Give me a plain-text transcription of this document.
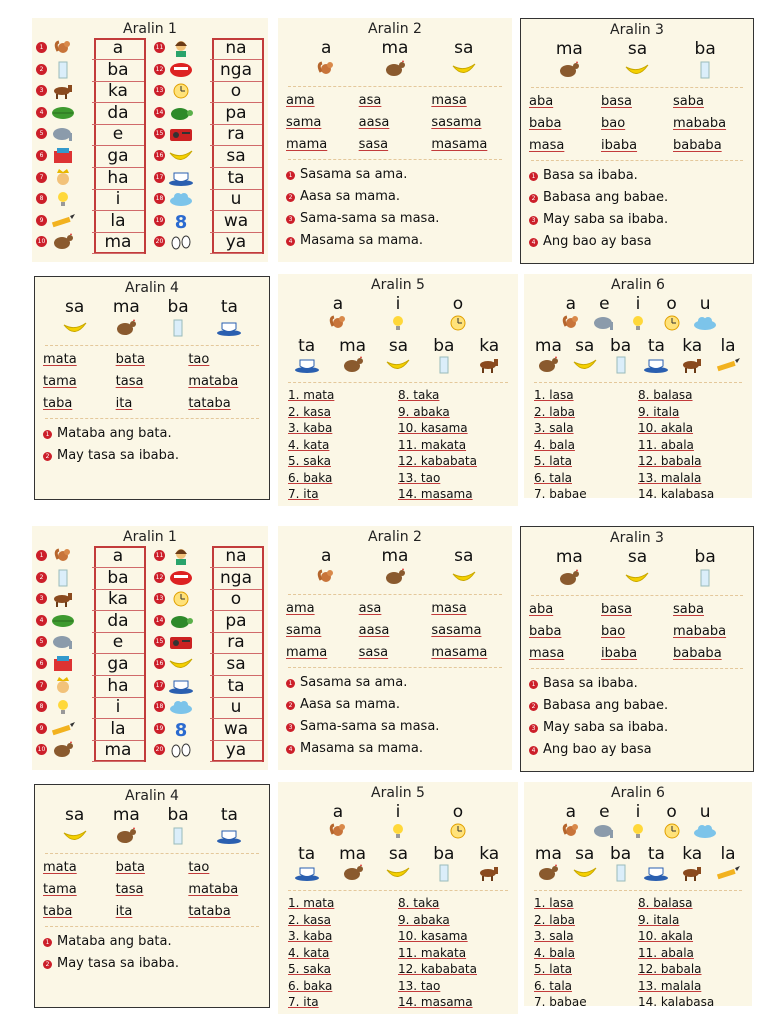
Aralin 1
1	a
2	ba
3	ka
4	da
5	e
6	ga
7	ha
8	i
9	la
10	ma
11	na
12	nga
13	o
14	pa
15	ra
16	sa
17	ta
18	u
19 8	wa
20	ya
Aralin 2
a	ma	sa
ama	asa	masa
sama	aasa	sasama
mama	sasa	masama
1 Sasama sa ama.
2 Aasa sa mama.
3 Sama-sama sa masa.
4 Masama sa mama.
Aralin 3
ma	sa	ba
aba	basa	saba
baba	bao	mababa
masa	ibaba	bababa
1 Basa sa ibaba.
2 Babasa ang babae.
3 May saba sa ibaba.
4 Ang bao ay basa
Aralin 4
sa ma ba ta
mata	bata	tao
tama	tasa	mataba
taba	ita	tataba
1 Mataba ang bata.
2 May tasa sa ibaba.
Aralin 5
a	i	o
ta ma sa ba ka
1. mata
2. kasa
3. kaba
4. kata
5. saka
6. baka
7. ita
8. taka
9. abaka
10. kasama
11. makata
12. kababata
13. tao
14. masama
Aralin 6
a	e	i	o	u
ma sa ba ta ka	la
1. lasa
2. laba
3. sala
4. bala
5. lata
6. tala
7. babae
8. balasa
9. itala
10. akala
11. abala
12. babala
13. malala
14. kalabasa
Aralin 1
1	a
2	ba
3	ka
4	da
5	e
6	ga
7	ha
8	i
9	la
10	ma
11	na
12	nga
13	o
14	pa
15	ra
16	sa
17	ta
18	u
19 8	wa
20	ya
Aralin 2
a	ma	sa
ama	asa	masa
sama	aasa	sasama
mama	sasa	masama
1 Sasama sa ama.
2 Aasa sa mama.
3 Sama-sama sa masa.
4 Masama sa mama.
Aralin 3
ma	sa	ba
aba	basa	saba
baba	bao	mababa
masa	ibaba	bababa
1 Basa sa ibaba.
2 Babasa ang babae.
3 May saba sa ibaba.
4 Ang bao ay basa
Aralin 4
sa ma ba ta
mata	bata	tao
tama	tasa	mataba
taba	ita	tataba
1 Mataba ang bata.
2 May tasa sa ibaba.
Aralin 5
a	i	o
ta ma sa ba ka
1. mata
2. kasa
3. kaba
4. kata
5. saka
6. baka
7. ita
8. taka
9. abaka
10. kasama
11. makata
12. kababata
13. tao
14. masama
Aralin 6
a	e	i	o	u
ma sa ba ta ka	la
1. lasa
2. laba
3. sala
4. bala
5. lata
6. tala
7. babae
8. balasa
9. itala
10. akala
11. abala
12. babala
13. malala
14. kalabasa
